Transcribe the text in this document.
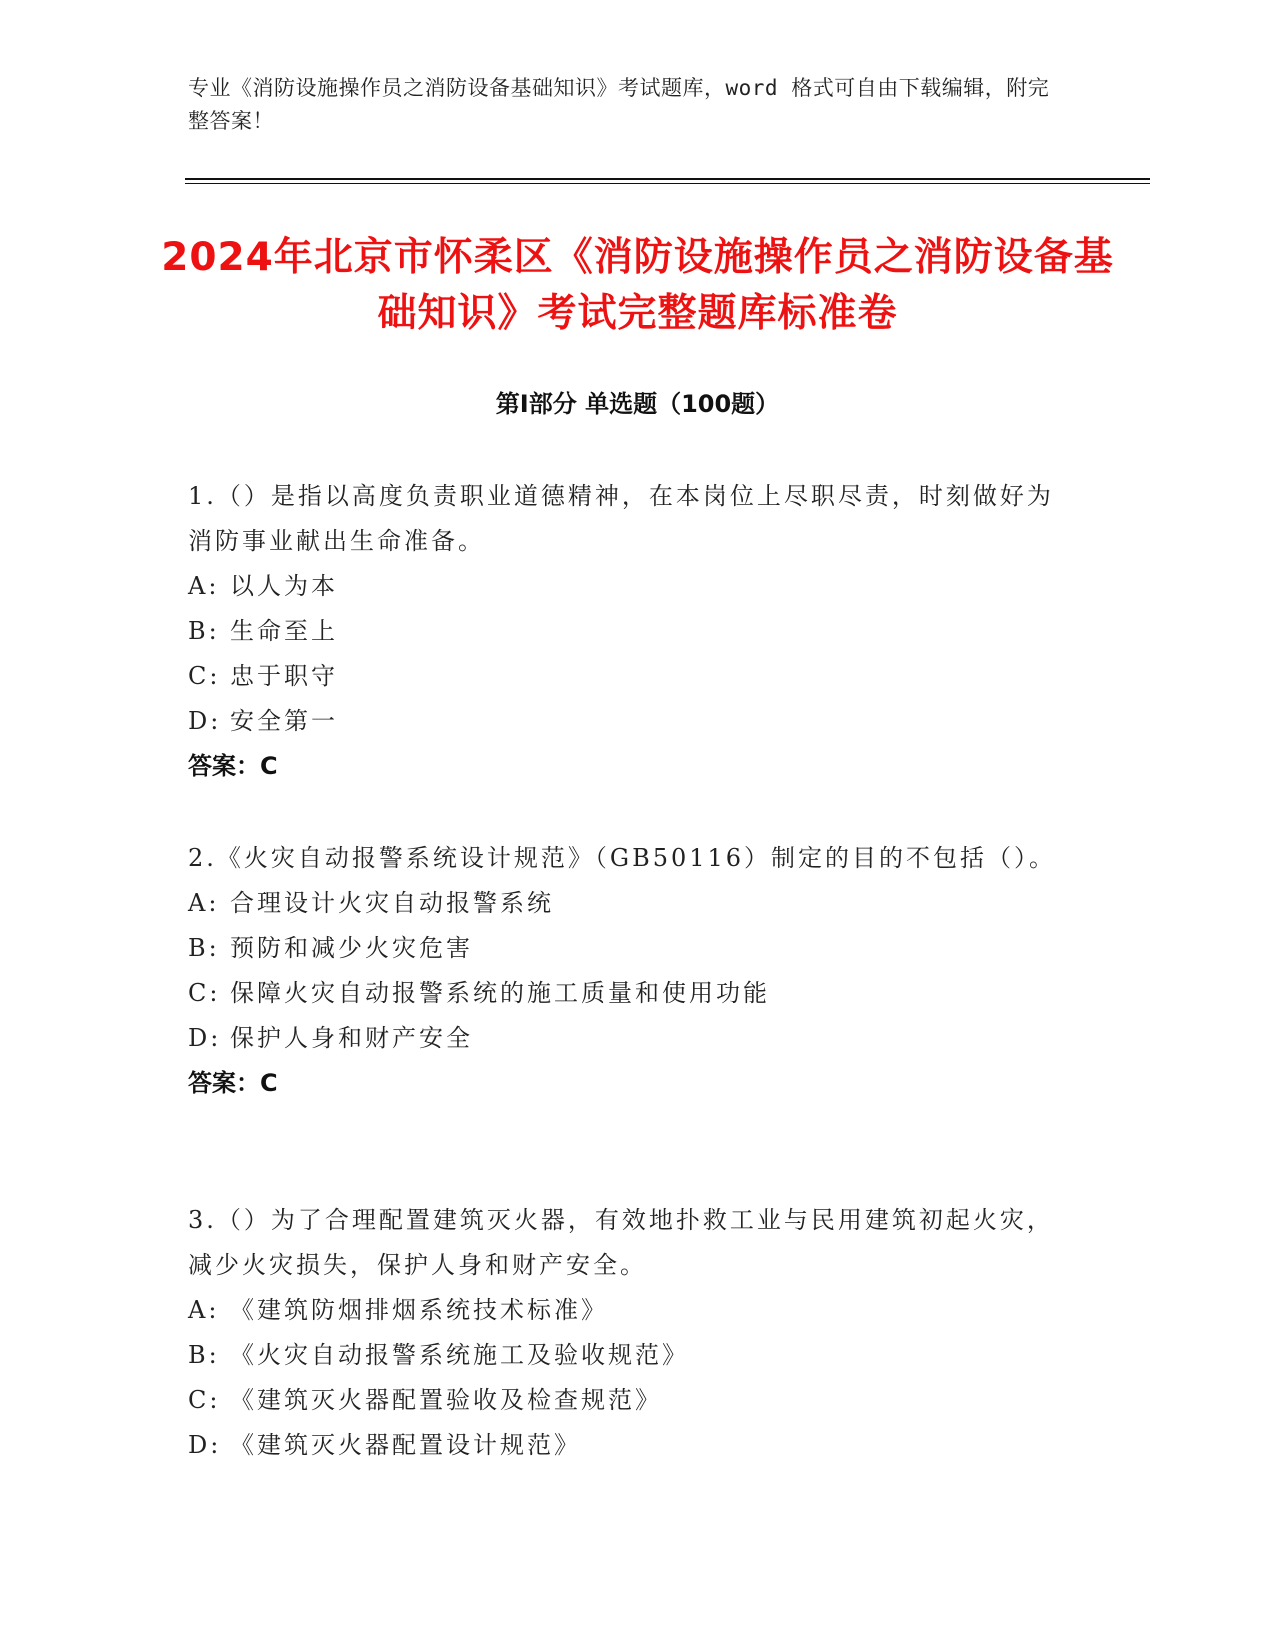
专业《消防设施操作员之消防设备基础知识》考试题库，word 格式可自由下载编辑，附完整答案！
2024年北京市怀柔区《消防设施操作员之消防设备基础知识》考试完整题库标准卷
第Ⅰ部分 单选题（100题）
1.（）是指以高度负责职业道德精神，在本岗位上尽职尽责，时刻做好为消防事业献出生命准备。
A: 以人为本
B: 生命至上
C: 忠于职守
D: 安全第一
答案：C
2.《火灾自动报警系统设计规范》（GB50116）制定的目的不包括（）。
A: 合理设计火灾自动报警系统
B: 预防和减少火灾危害
C: 保障火灾自动报警系统的施工质量和使用功能
D: 保护人身和财产安全
答案：C
3.（）为了合理配置建筑灭火器，有效地扑救工业与民用建筑初起火灾，减少火灾损失，保护人身和财产安全。
A: 《建筑防烟排烟系统技术标准》
B: 《火灾自动报警系统施工及验收规范》
C: 《建筑灭火器配置验收及检查规范》
D: 《建筑灭火器配置设计规范》
